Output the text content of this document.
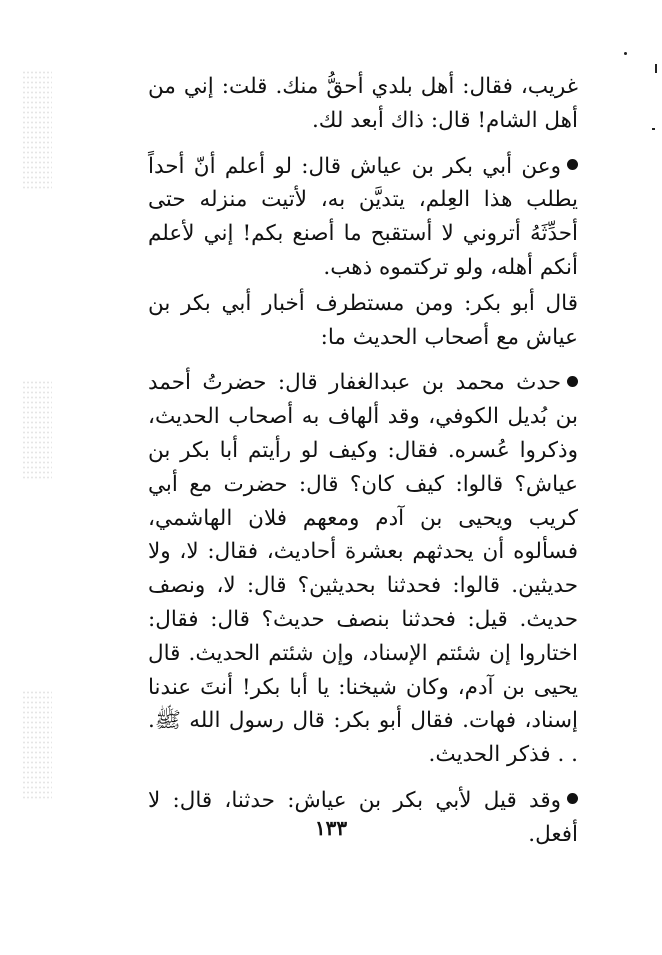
غريب، فقال: أهل بلدي أحقُّ منك. قلت: إني من أهل الشام! قال: ذاك أبعد لك.

وعن أبي بكر بن عياش قال: لو أعلم أنّ أحداً يطلب هذا العِلم، يتديَّن به، لأتيت منزله حتى أحدِّثَهُ أتروني لا أستقبح ما أصنع بكم! إني لأعلم أنكم أهله، ولو تركتموه ذهب.

قال أبو بكر: ومن مستطرف أخبار أبي بكر بن عياش مع أصحاب الحديث ما:

حدث محمد بن عبدالغفار قال: حضرتُ أحمد بن بُديل الكوفي، وقد ألهاف به أصحاب الحديث، وذكروا عُسره. فقال: وكيف لو رأيتم أبا بكر بن عياش؟ قالوا: كيف كان؟ قال: حضرت مع أبي كريب ويحيى بن آدم ومعهم فلان الهاشمي، فسألوه أن يحدثهم بعشرة أحاديث، فقال: لا، ولا حديثين. قالوا: فحدثنا بحديثين؟ قال: لا، ونصف حديث. قيل: فحدثنا بنصف حديث؟ قال: فقال: اختاروا إن شئتم الإسناد، وإن شئتم الحديث. قال يحيى بن آدم، وكان شيخنا: يا أبا بكر! أنتَ عندنا إسناد، فهات. فقال أبو بكر: قال رسول الله ﷺ. . . فذكر الحديث.

وقد قيل لأبي بكر بن عياش: حدثنا، قال: لا أفعل.

١٣٣
